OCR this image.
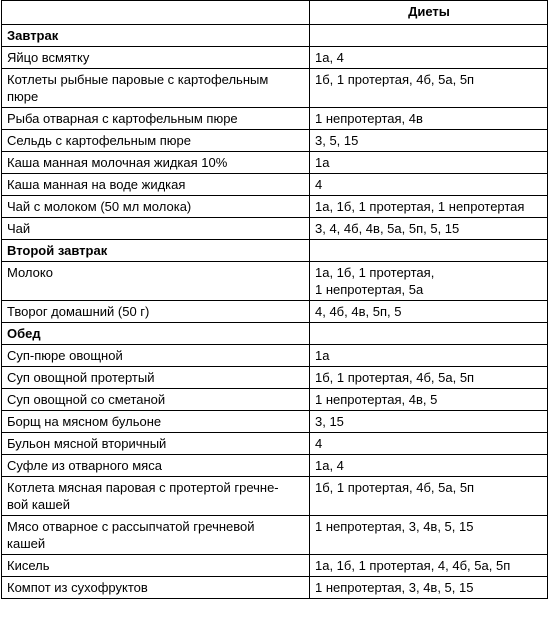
	Диеты
Завтрак	
Яйцо всмятку	1а, 4
Котлеты рыбные паровые с картофельным
пюре	1б, 1 протертая, 4б, 5а, 5п
Рыба отварная с картофельным пюре	1 непротертая, 4в
Сельдь с картофельным пюре	3, 5, 15
Каша манная молочная жидкая 10%	1а
Каша манная на воде жидкая	4
Чай с молоком (50 мл молока)	1а, 1б, 1 протертая, 1 непротертая
Чай	3, 4, 4б, 4в, 5а, 5п, 5, 15
Второй завтрак	
Молоко	1а, 1б, 1 протертая,
1 непротертая, 5а
Творог домашний (50 г)	4, 4б, 4в, 5п, 5
Обед	
Суп-пюре овощной	1а
Суп овощной протертый	1б, 1 протертая, 4б, 5а, 5п
Суп овощной со сметаной	1 непротертая, 4в, 5
Борщ на мясном бульоне	3, 15
Бульон мясной вторичный	4
Суфле из отварного мяса	1а, 4
Котлета мясная паровая с протертой гречне-
вой кашей	1б, 1 протертая, 4б, 5а, 5п
Мясо отварное с рассыпчатой гречневой
кашей	1 непротертая, 3, 4в, 5, 15
Кисель	1а, 1б, 1 протертая, 4, 4б, 5а, 5п
Компот из сухофруктов	1 непротертая, 3, 4в, 5, 15
